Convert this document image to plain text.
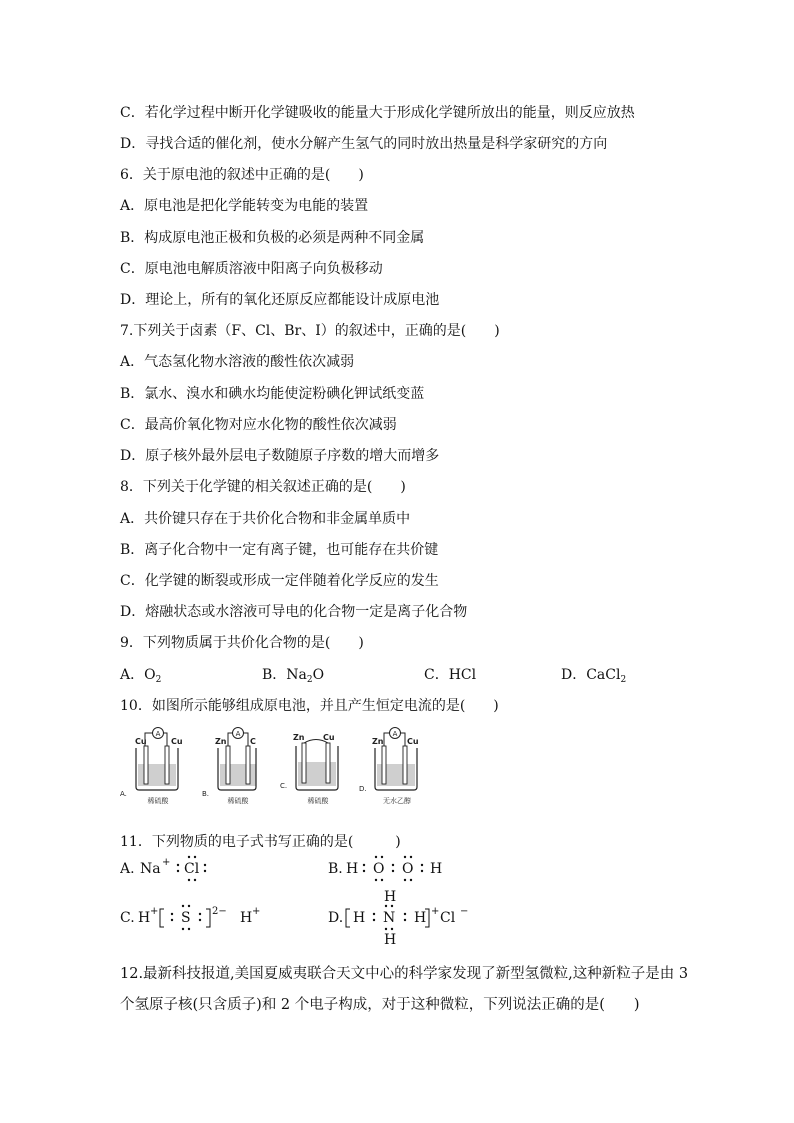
C．若化学过程中断开化学键吸收的能量大于形成化学键所放出的能量，则反应放热
D．寻找合适的催化剂，使水分解产生氢气的同时放出热量是科学家研究的方向
6．关于原电池的叙述中正确的是(　　)
A．原电池是把化学能转变为电能的装置
B．构成原电池正极和负极的必须是两种不同金属
C．原电池电解质溶液中阳离子向负极移动
D．理论上，所有的氧化还原反应都能设计成原电池
7.下列关于卤素（F、Cl、Br、I）的叙述中，正确的是(　　)
A．气态氢化物水溶液的酸性依次减弱
B．氯水、溴水和碘水均能使淀粉碘化钾试纸变蓝
C．最高价氧化物对应水化物的酸性依次减弱
D．原子核外最外层电子数随原子序数的增大而增多
8．下列关于化学键的相关叙述正确的是(　　)
A．共价键只存在于共价化合物和非金属单质中
B．离子化合物中一定有离子键，也可能存在共价键
C．化学键的断裂或形成一定伴随着化学反应的发生
D．熔融状态或水溶液可导电的化合物一定是离子化合物
9．下列物质属于共价化合物的是(　　)
A．$O_2$	B．$Na_2O$	C．HCl	D．CaCl$_2$
10．如图所示能够组成原电池，并且产生恒定电流的是(　　)
A.
Cu	Cu
A
稀硫酸
B.
Zn	C
A
稀硫酸
C.
Zn Cu
稀硫酸
D.
Zn	Cu
A
无水乙醇
11．下列物质的电子式书写正确的是(　　　)
A. Na + Cl	B. H O O H
C. H + S 2− H +	D. H
H
N
H
H + Cl −
12.最新科技报道,美国夏威夷联合天文中心的科学家发现了新型氢微粒,这种新粒子是由 3
个氢原子核(只含质子)和 2 个电子构成，对于这种微粒，下列说法正确的是(　　)
